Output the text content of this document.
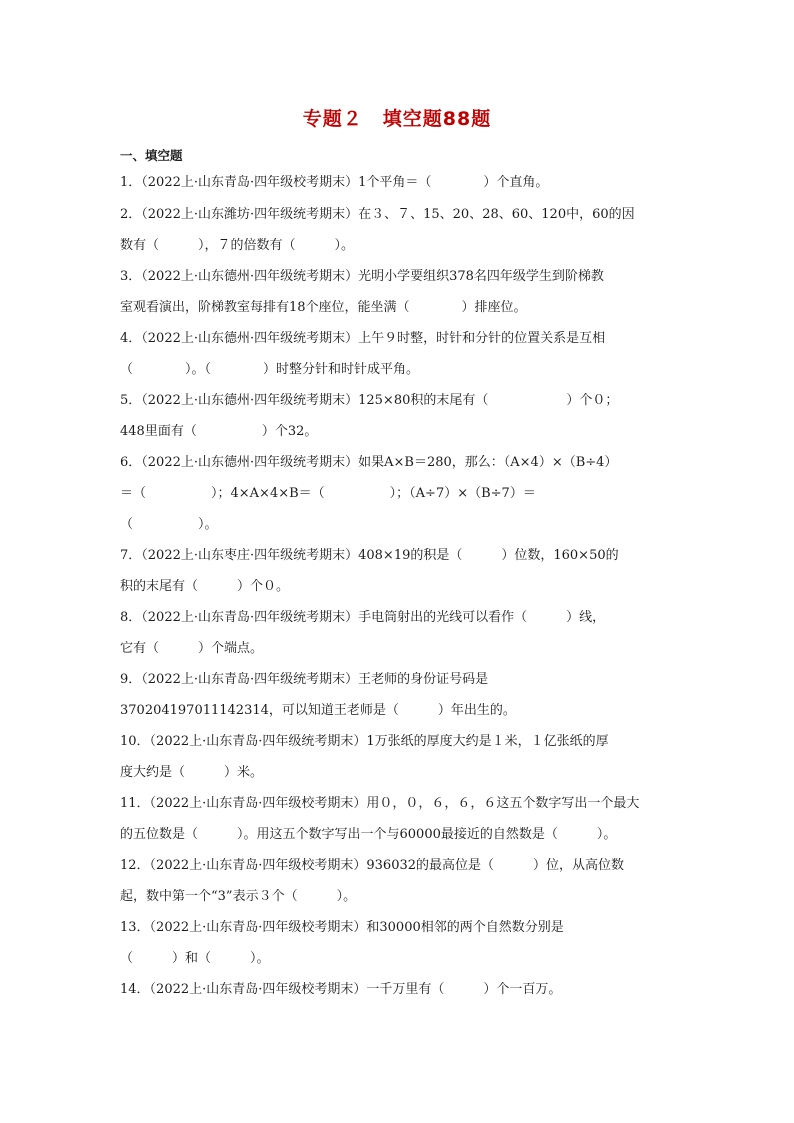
专题２　填空题88题
一、填空题
1．（2022上·山东青岛·四年级校考期末）1个平角＝（　　　　）个直角。
2．（2022上·山东潍坊·四年级统考期末）在３、７、15、20、28、60、120中，60的因
数有（　　　），７的倍数有（　　　）。
3．（2022上·山东德州·四年级统考期末）光明小学要组织378名四年级学生到阶梯教
室观看演出，阶梯教室每排有18个座位，能坐满（　　　　）排座位。
4．（2022上·山东德州·四年级统考期末）上午９时整，时针和分针的位置关系是互相
（　　　　）。（　　　　）时整分针和时针成平角。
5．（2022上·山东德州·四年级统考期末）125×80积的末尾有（　　　　　　）个０；
448里面有（　　　　　）个32。
6．（2022上·山东德州·四年级统考期末）如果A×B＝280，那么：（A×4）×（B÷4）
＝（　　　　　）；4×A×4×B＝（　　　　　）；（A÷7）×（B÷7）＝
（　　　　　）。
7．（2022上·山东枣庄·四年级统考期末）408×19的积是（　　　）位数，160×50的
积的末尾有（　　　）个０。
8．（2022上·山东青岛·四年级统考期末）手电筒射出的光线可以看作（　　　）线，
它有（　　　）个端点。
9．（2022上·山东青岛·四年级统考期末）王老师的身份证号码是
370204197011142314，可以知道王老师是（　　　）年出生的。
10．（2022上·山东青岛·四年级统考期末）1万张纸的厚度大约是１米，１亿张纸的厚
度大约是（　　　）米。
11．（2022上·山东青岛·四年级校考期末）用０，０，６，６，６这五个数字写出一个最大
的五位数是（　　　）。用这五个数字写出一个与60000最接近的自然数是（　　　）。
12．（2022上·山东青岛·四年级校考期末）936032的最高位是（　　　）位，从高位数
起，数中第一个“3”表示３个（　　　）。
13．（2022上·山东青岛·四年级校考期末）和30000相邻的两个自然数分别是
（　　　）和（　　　）。
14．（2022上·山东青岛·四年级校考期末）一千万里有（　　　）个一百万。
